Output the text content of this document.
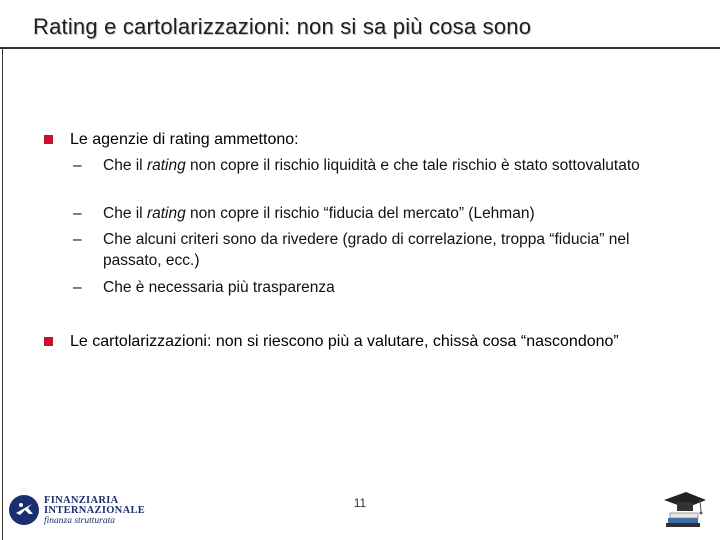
Rating e cartolarizzazioni: non si sa più cosa sono
Le agenzie di rating ammettono:
– Che il rating non copre il rischio liquidità e che tale rischio è stato sottovalutato
– Che il rating non copre il rischio “fiducia del mercato” (Lehman)
– Che alcuni criteri sono da rivedere (grado di correlazione, troppa “fiducia” nel passato, ecc.)
– Che è necessaria più trasparenza
Le cartolarizzazioni: non si riescono più a valutare, chissà cosa “nascondono”
11
FINANZIARIA
INTERNAZIONALE
finanza strutturata
